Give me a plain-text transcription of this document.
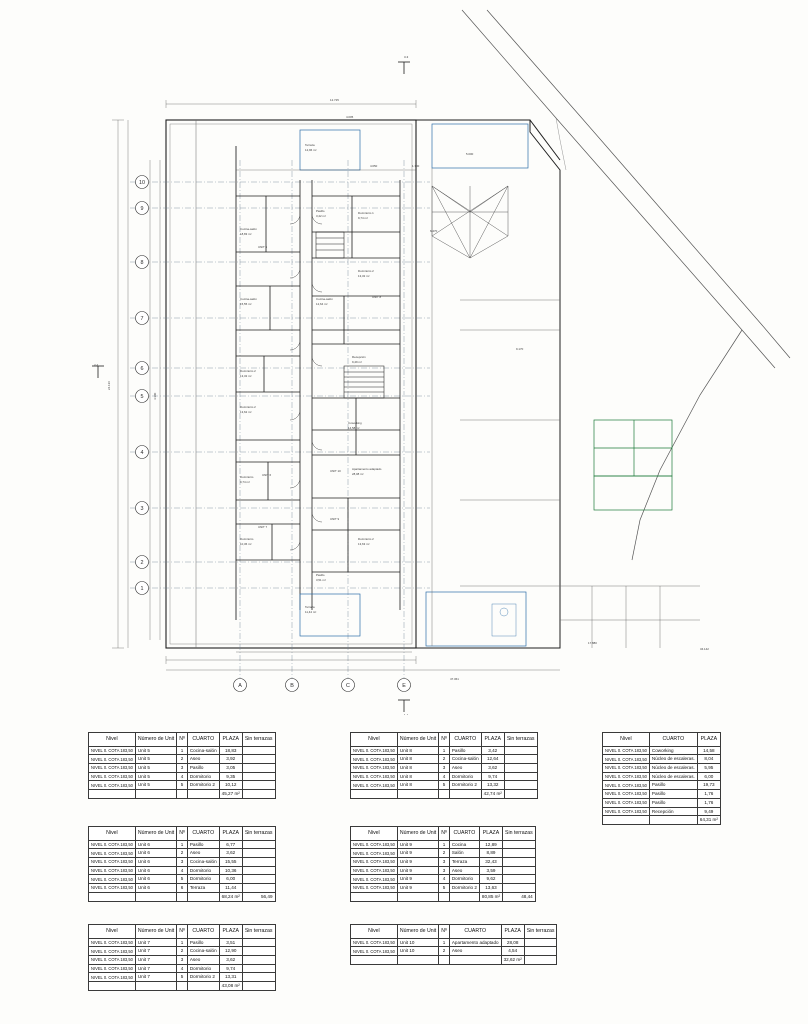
10
9
8
7
6
5
4
3
2
1
A	B	C	E
12.725
4.005
4.650	1.700
5.000
6.470
9.170
17.880
34.142
47.361
24.136
4.300
2-2
3-3
1-1
Terraza
12,96 m²
Terraza
11,44 m²
Pasillo
3,42 m²
Dormitorio 1
9,74 m²
Dormitorio 2
13,32 m²
Cocina-salón
12,64 m²
Cocina-salón
18,83 m²
Cocina-salón
15,55 m²
Dormitorio 2
13,32 m²
Dormitorio 2
13,62 m²
Dormitorio
9,74 m²
Dormitorio
10,36 m²
Recepción
9,49 m²
Coworking
14,58 m²
Apartamento adaptado
28,08 m²
Dormitorio 2
13,63 m²
Pasillo
3,51 m²
UNIT 5
UNIT 8
UNIT 6
UNIT 10
UNIT 7
UNIT 9
Nivel	Número de Unit	Nº	CUARTO	PLAZA	Sin terrazas
NIVEL 0. COTA 183,50	Unit 5	1	Cocina-salón	18,83	
NIVEL 0. COTA 183,50	Unit 5	2	Aseo	3,92	
NIVEL 0. COTA 183,50	Unit 5	3	Pasillo	3,05	
NIVEL 0. COTA 183,50	Unit 5	4	Dormitorio	9,35	
NIVEL 0. COTA 183,50	Unit 5	5	Dormitorio 2	10,12	
				45,27 m²	
Nivel	Número de Unit	Nº	CUARTO	PLAZA	Sin terrazas
NIVEL 0. COTA 183,50	Unit 6	1	Pasillo	6,77	
NIVEL 0. COTA 183,50	Unit 6	2	Aseo	3,62	
NIVEL 0. COTA 183,50	Unit 6	3	Cocina-salón	15,55	
NIVEL 0. COTA 183,50	Unit 6	4	Dormitorio	10,36	
NIVEL 0. COTA 183,50	Unit 6	5	Dormitorio	6,00	
NIVEL 0. COTA 183,50	Unit 6	6	Terraza	11,44	
				68,24 m²	56,49
Nivel	Número de Unit	Nº	CUARTO	PLAZA	Sin terrazas
NIVEL 0. COTA 183,50	Unit 7	1	Pasillo	3,51	
NIVEL 0. COTA 183,50	Unit 7	2	Cocina-salón	12,90	
NIVEL 0. COTA 183,50	Unit 7	3	Aseo	3,62	
NIVEL 0. COTA 183,50	Unit 7	4	Dormitorio	9,74	
NIVEL 0. COTA 183,50	Unit 7	5	Dormitorio 2	13,31	
				43,08 m²	
Nivel	Número de Unit	Nº	CUARTO	PLAZA	Sin terrazas
NIVEL 0. COTA 183,50	Unit 8	1	Pasillo	3,42	
NIVEL 0. COTA 183,50	Unit 8	2	Cocina-salón	12,64	
NIVEL 0. COTA 183,50	Unit 8	3	Aseo	3,62	
NIVEL 0. COTA 183,50	Unit 8	4	Dormitorio	9,74	
NIVEL 0. COTA 183,50	Unit 8	5	Dormitorio 2	13,32	
				42,74 m²	
Nivel	Número de Unit	Nº	CUARTO	PLAZA	Sin terrazas
NIVEL 0. COTA 183,50	Unit 9	1	Cocina	12,89	
NIVEL 0. COTA 183,50	Unit 9	2	Salón	8,89	
NIVEL 0. COTA 183,50	Unit 9	3	Terraza	32,43	
NIVEL 0. COTA 183,50	Unit 9	3	Aseo	3,59	
NIVEL 0. COTA 183,50	Unit 9	4	Dormitorio	9,62	
NIVEL 0. COTA 183,50	Unit 9	5	Dormitorio 2	13,63	
				80,85 m²	48,44
Nivel	Número de Unit	Nº	CUARTO	PLAZA	Sin terrazas
NIVEL 0. COTA 183,50	Unit 10	1	Apartamento adaptado	28,08	
NIVEL 0. COTA 183,50	Unit 10	2	Aseo	4,54	
				32,62 m²	
Nivel	CUARTO	PLAZA
NIVEL 0. COTA 183,50	Coworking	14,58
NIVEL 0. COTA 183,50	Núcleo de escaleras.	8,04
NIVEL 0. COTA 183,50	Núcleo de escaleras.	5,95
NIVEL 0. COTA 183,50	Núcleo de escaleras.	6,00
NIVEL 0. COTA 183,50	Pasillo	19,73
NIVEL 0. COTA 183,50	Pasillo	1,76
NIVEL 0. COTA 183,50	Pasillo	1,76
NIVEL 0. COTA 183,50	Recepción	9,49
		64,31 m²
